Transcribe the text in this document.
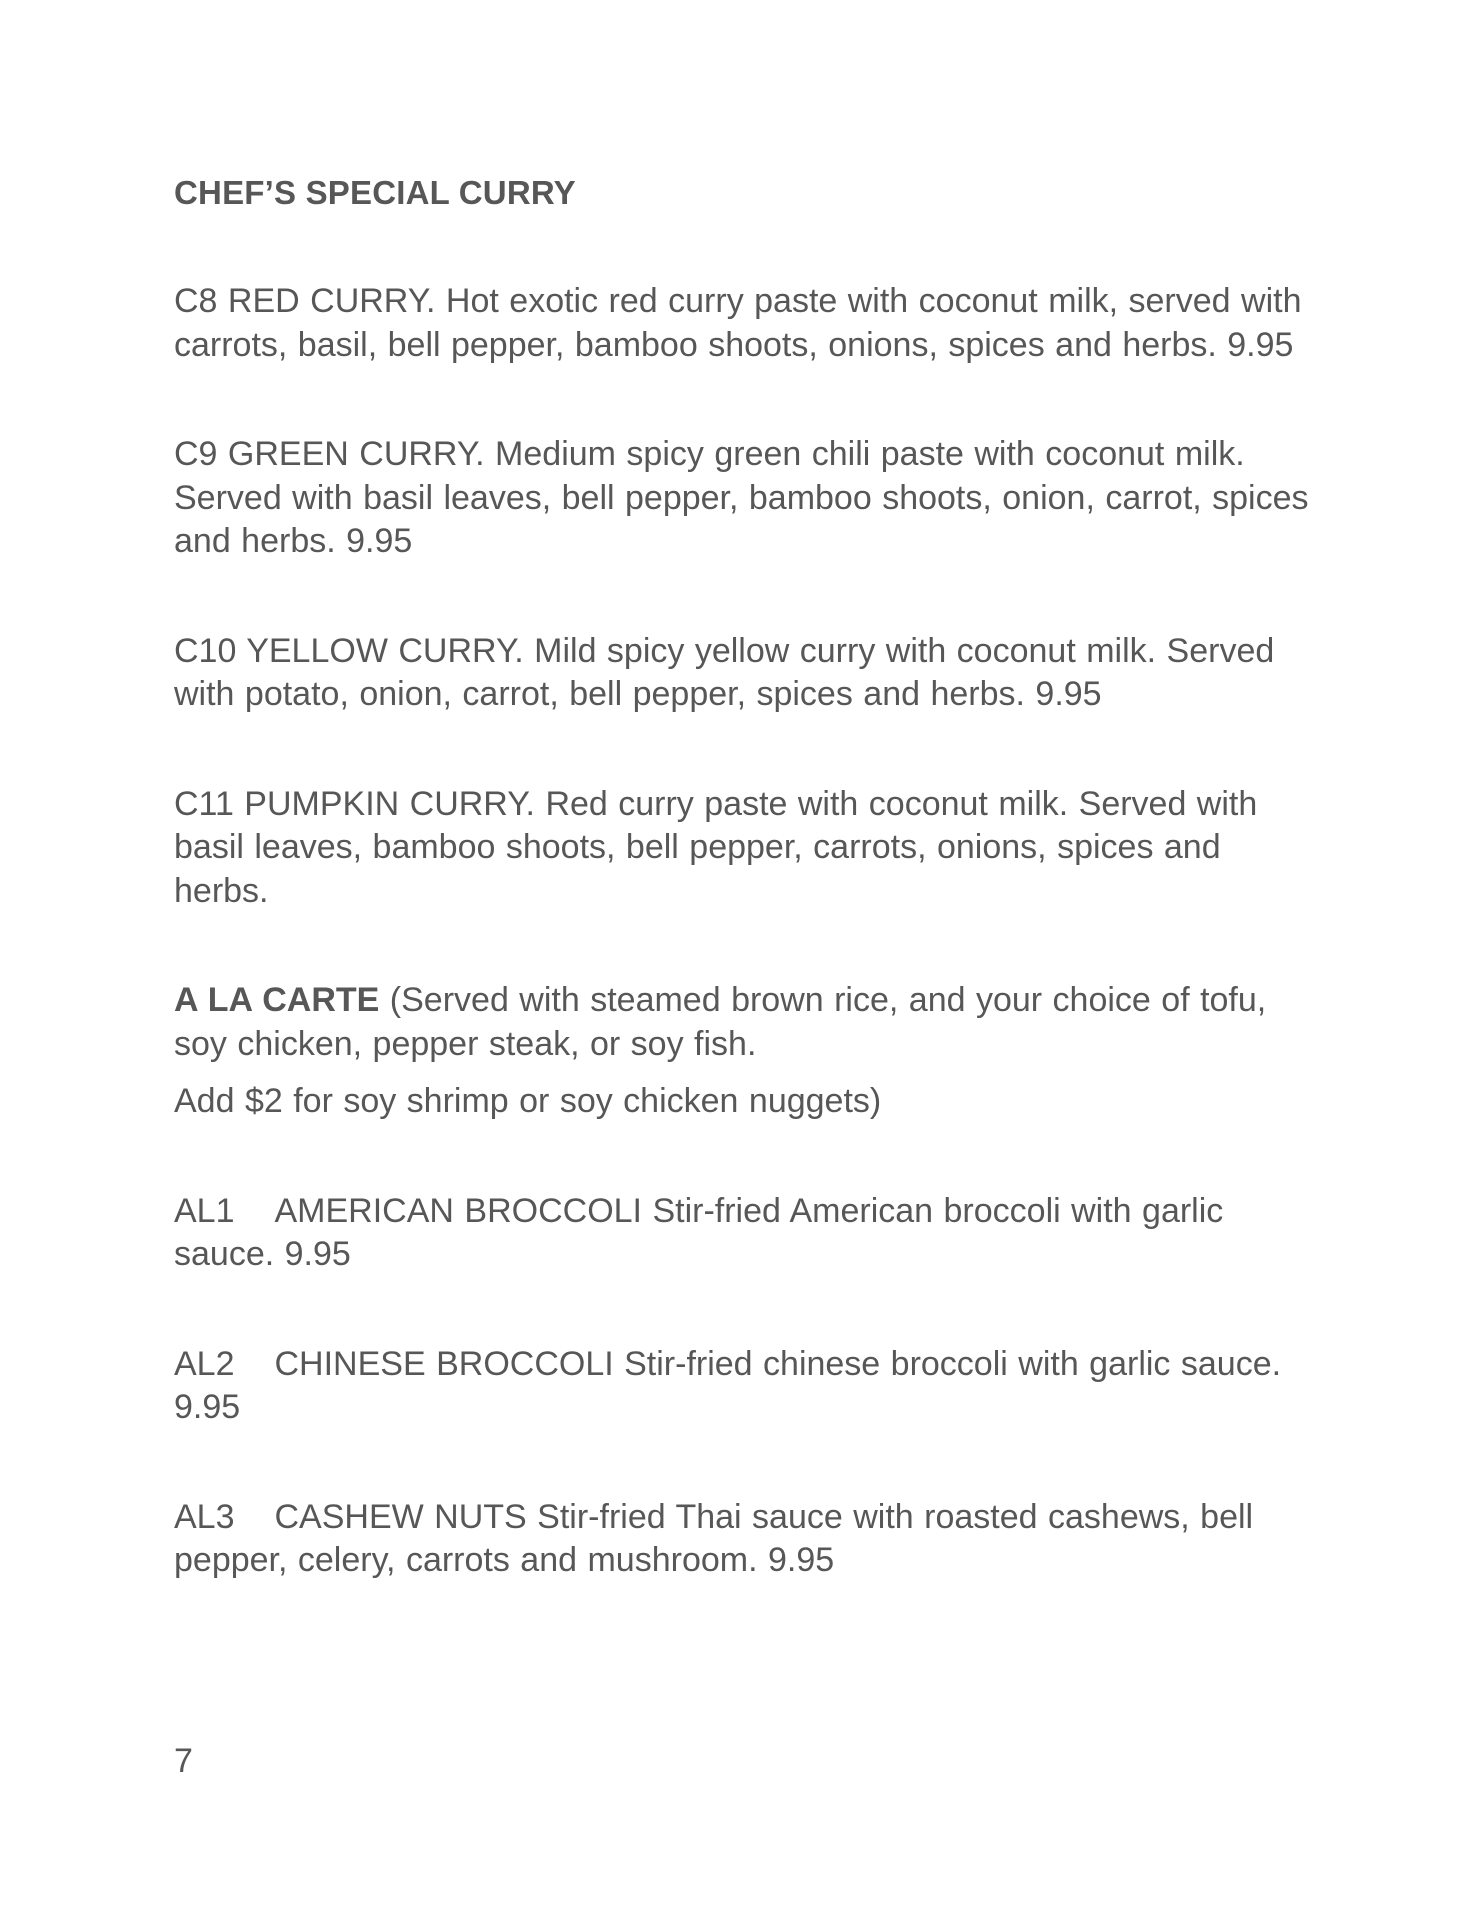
CHEF’S SPECIAL CURRY

C8 RED CURRY. Hot exotic red curry paste with coconut milk, served with carrots, basil, bell pepper, bamboo shoots, onions, spices and herbs. 9.95

C9 GREEN CURRY. Medium spicy green chili paste with coconut milk. Served with basil leaves, bell pepper, bamboo shoots, onion, carrot, spices and herbs. 9.95

C10 YELLOW CURRY. Mild spicy yellow curry with coconut milk. Served with potato, onion, carrot, bell pepper, spices and herbs. 9.95

C11 PUMPKIN CURRY. Red curry paste with coconut milk. Served with basil leaves, bamboo shoots, bell pepper, carrots, onions, spices and herbs.

A LA CARTE (Served with steamed brown rice, and your choice of tofu, soy chicken, pepper steak, or soy fish.

Add $2 for soy shrimp or soy chicken nuggets)

AL1 AMERICAN BROCCOLI Stir-fried American broccoli with garlic sauce. 9.95

AL2 CHINESE BROCCOLI Stir-fried chinese broccoli with garlic sauce. 9.95

AL3 CASHEW NUTS Stir-fried Thai sauce with roasted cashews, bell pepper, celery, carrots and mushroom. 9.95

7
